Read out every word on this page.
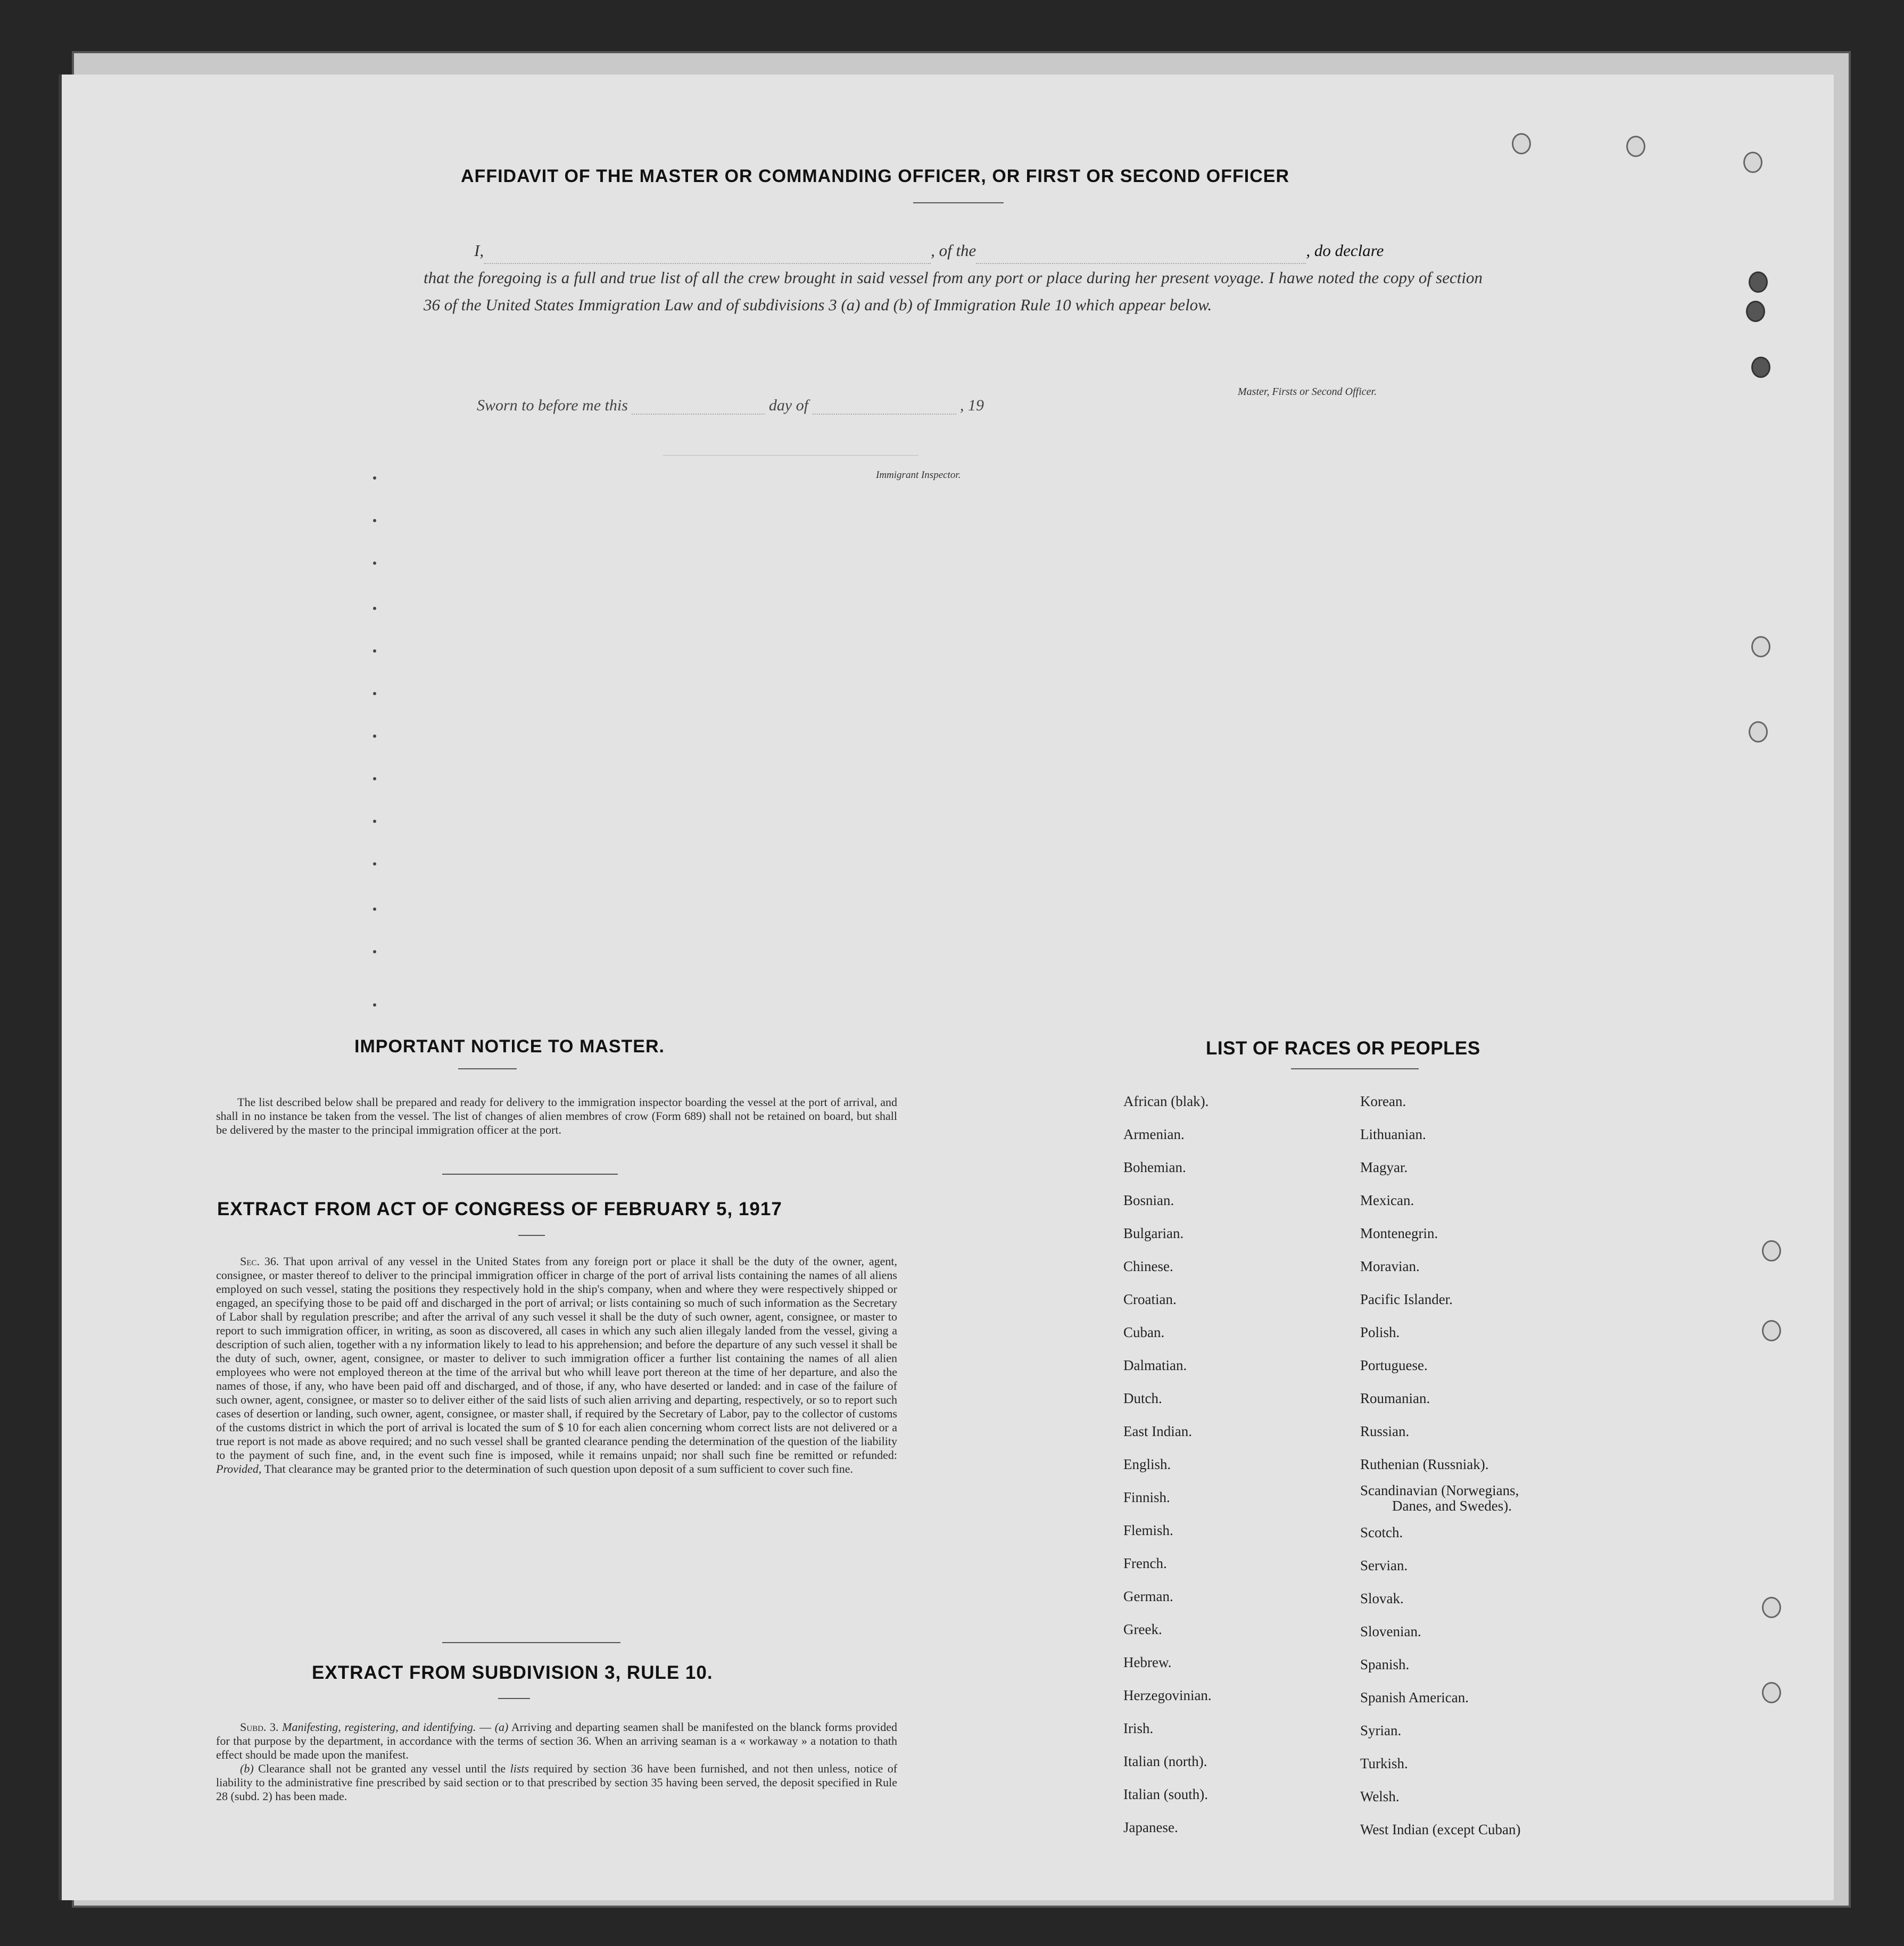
AFFIDAVIT OF THE MASTER OR COMMANDING OFFICER, OR FIRST OR SECOND OFFICER
I,	, of the	, do declare
that the foregoing is a full and true list of all the crew brought in said vessel from any port or place during her present voyage. I hawe noted the copy of section 36 of the United States Immigration Law and of subdivisions 3 (a) and (b) of Immigration Rule 10 which appear below.
Master, Firsts or Second Officer.
Sworn to before me this	day of	, 19
Immigrant Inspector.
IMPORTANT NOTICE TO MASTER.
The list described below shall be prepared and ready for delivery to the immigration inspector boarding the vessel at the port of arrival, and shall in no instance be taken from the vessel. The list of changes of alien membres of crow (Form 689) shall not be retained on board, but shall be delivered by the master to the principal immigration officer at the port.
EXTRACT FROM ACT OF CONGRESS OF FEBRUARY 5, 1917
Sec. 36. That upon arrival of any vessel in the United States from any foreign port or place it shall be the duty of the owner, agent, consignee, or master thereof to deliver to the principal immigration officer in charge of the port of arrival lists containing the names of all aliens employed on such vessel, stating the positions they respectively hold in the ship's company, when and where they were respectively shipped or engaged, an specifying those to be paid off and discharged in the port of arrival; or lists containing so much of such information as the Secretary of Labor shall by regulation prescribe; and after the arrival of any such vessel it shall be the duty of such owner, agent, consignee, or master to report to such immigration officer, in writing, as soon as discovered, all cases in which any such alien illegaly landed from the vessel, giving a description of such alien, together with a ny information likely to lead to his apprehension; and before the departure of any such vessel it shall be the duty of such, owner, agent, consignee, or master to deliver to such immigration officer a further list containing the names of all alien employees who were not employed thereon at the time of the arrival but who whill leave port thereon at the time of her departure, and also the names of those, if any, who have been paid off and discharged, and of those, if any, who have deserted or landed: and in case of the failure of such owner, agent, consignee, or master so to deliver either of the said lists of such alien arriving and departing, respectively, or so to report such cases of desertion or landing, such owner, agent, consignee, or master shall, if required by the Secretary of Labor, pay to the collector of customs of the customs district in which the port of arrival is located the sum of $ 10 for each alien concerning whom correct lists are not delivered or a true report is not made as above required; and no such vessel shall be granted clearance pending the determination of the question of the liability to the payment of such fine, and, in the event such fine is imposed, while it remains unpaid; nor shall such fine be remitted or refunded: Provided, That clearance may be granted prior to the determination of such question upon deposit of a sum sufficient to cover such fine.
EXTRACT FROM SUBDIVISION 3, RULE 10.
Subd. 3. Manifesting, registering, and identifying. — (a) Arriving and departing seamen shall be manifested on the blanck forms provided for that purpose by the department, in accordance with the terms of section 36. When an arriving seaman is a « workaway » a notation to thath effect should be made upon the manifest.
(b) Clearance shall not be granted any vessel until the lists required by section 36 have been furnished, and not then unless, notice of liability to the administrative fine prescribed by said section or to that prescribed by section 35 having been served, the deposit specified in Rule 28 (subd. 2) has been made.
LIST OF RACES OR PEOPLES
African (blak).
Armenian.
Bohemian.
Bosnian.
Bulgarian.
Chinese.
Croatian.
Cuban.
Dalmatian.
Dutch.
East Indian.
English.
Finnish.
Flemish.
French.
German.
Greek.
Hebrew.
Herzegovinian.
Irish.
Italian (north).
Italian (south).
Japanese.
Korean.
Lithuanian.
Magyar.
Mexican.
Montenegrin.
Moravian.
Pacific Islander.
Polish.
Portuguese.
Roumanian.
Russian.
Ruthenian (Russniak).
Scandinavian (Norwegians,
Danes, and Swedes).
Scotch.
Servian.
Slovak.
Slovenian.
Spanish.
Spanish American.
Syrian.
Turkish.
Welsh.
West Indian (except Cuban)
